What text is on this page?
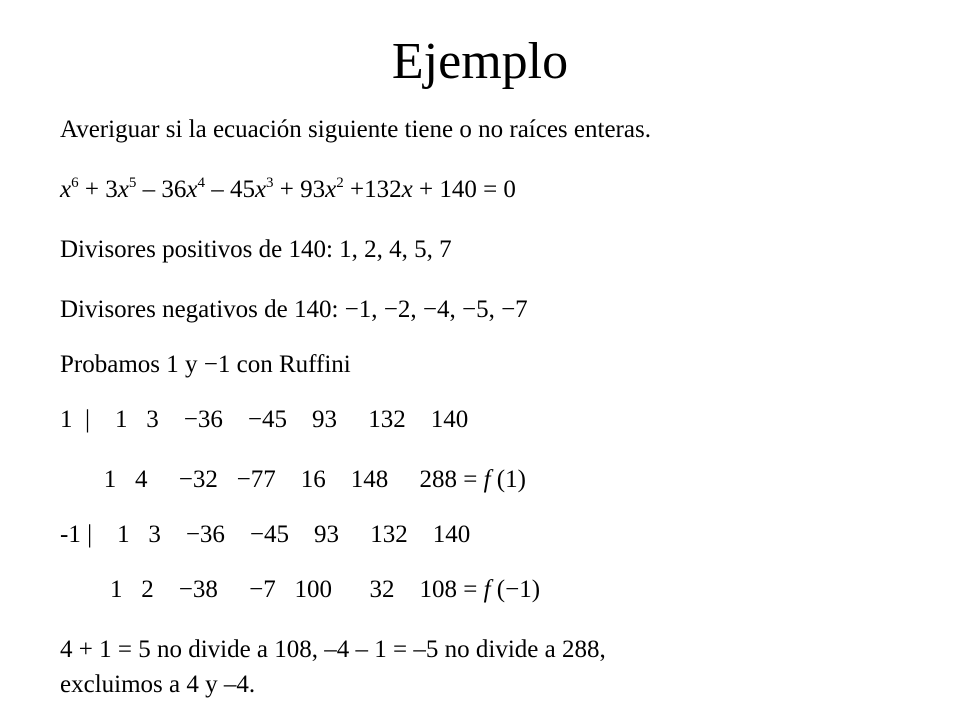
Ejemplo
Averiguar si la ecuación siguiente tiene o no raíces enteras.
$x^6 + 3x^5 - 36x^4 - 45x^3 + 93x^2 +132x + 140 = 0$
Divisores positivos de 140: 1, 2, 4, 5, 7
Divisores negativos de 140: −1, −2, −4, −5, −7
Probamos 1 y −1 con Ruffini
1  |    1   3    −36    −45    93     132    140
1   4     −32   −77    16    148     288 = f (1)
-1 |    1   3    −36    −45    93     132    140
1   2    −38     −7   100      32    108 = f (−1)
4 + 1 = 5 no divide a 108, –4 – 1 = –5 no divide a 288,
excluimos a 4 y –4.
